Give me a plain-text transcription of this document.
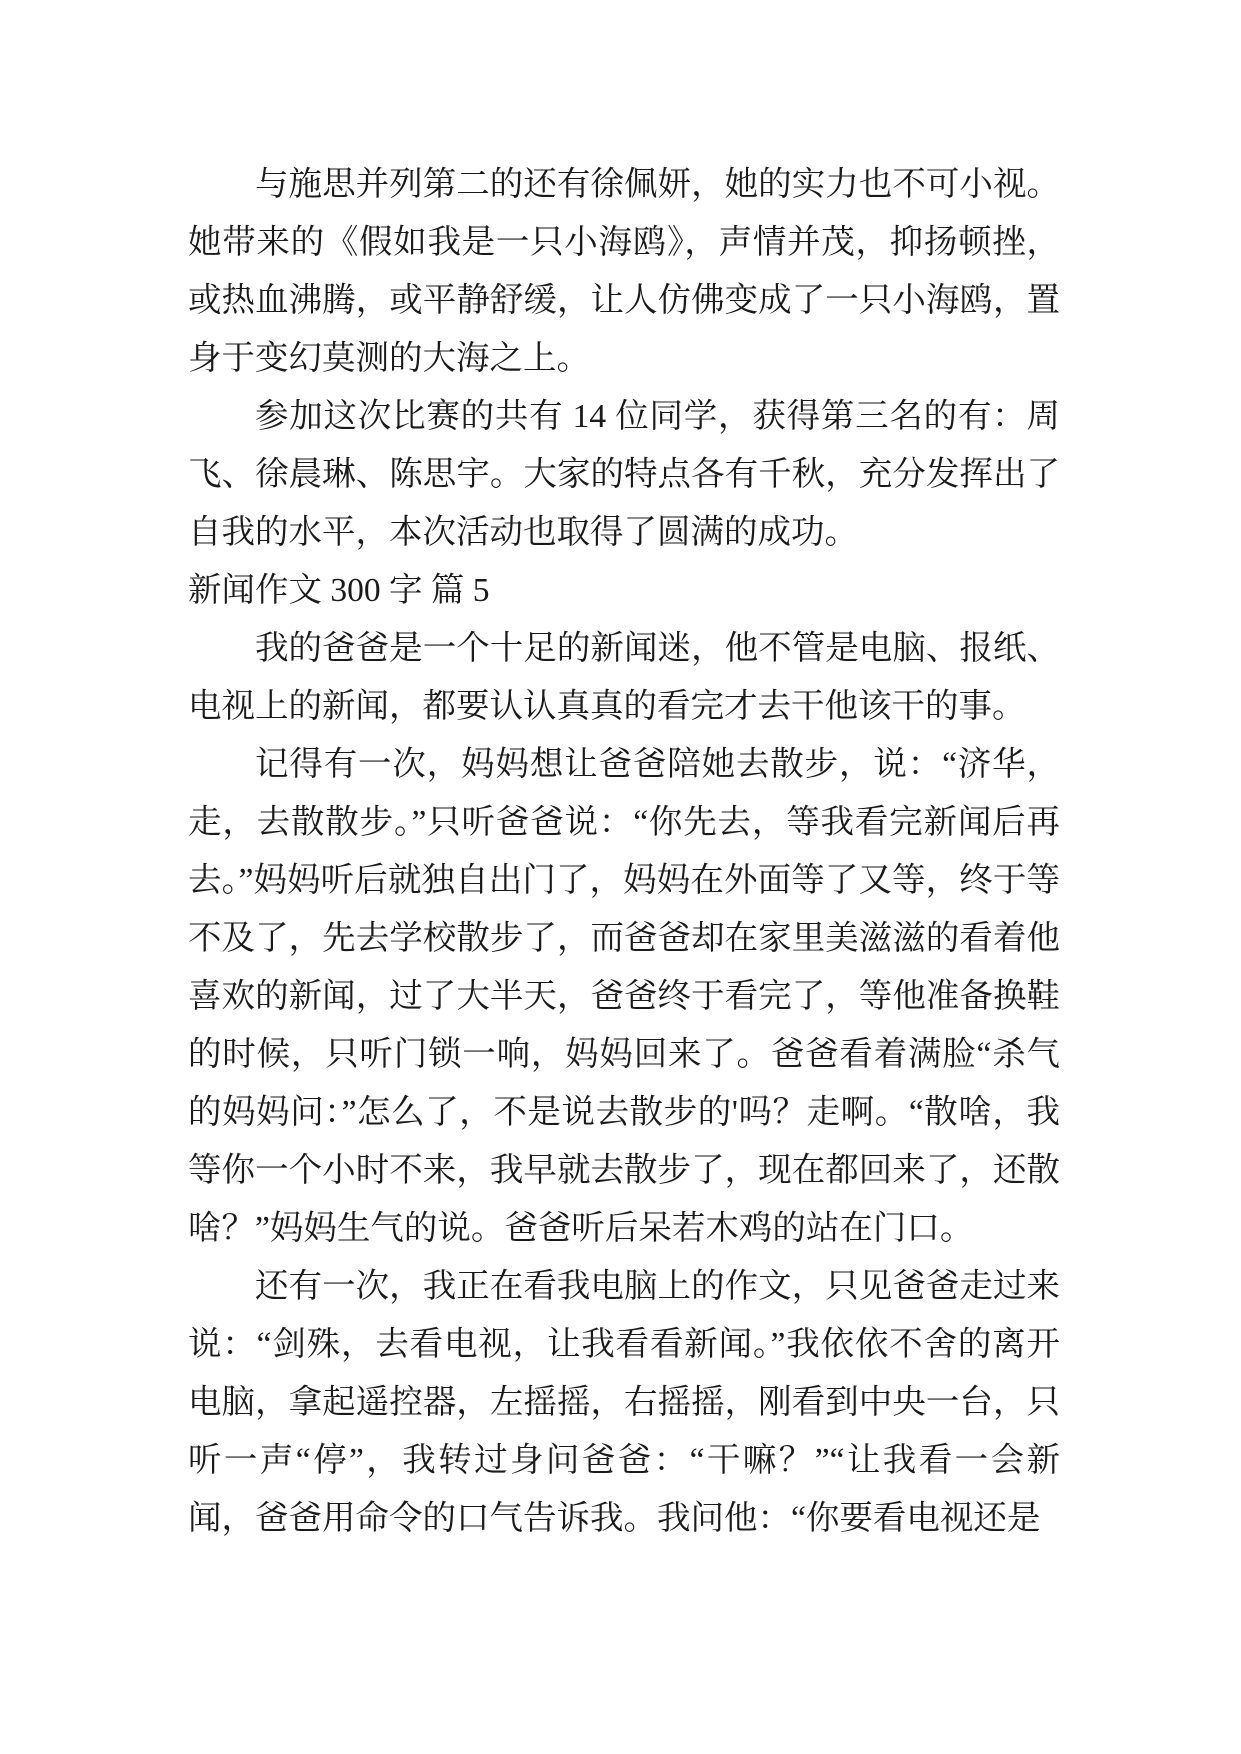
与施思并列第二的还有徐佩妍，她的实力也不可小视。她带来的《假如我是一只小海鸥》，声情并茂，抑扬顿挫，或热血沸腾，或平静舒缓，让人仿佛变成了一只小海鸥，置身于变幻莫测的大海之上。

参加这次比赛的共有 14 位同学，获得第三名的有：周飞、徐晨琳、陈思宇。大家的特点各有千秋，充分发挥出了自我的水平，本次活动也取得了圆满的成功。

新闻作文 300 字 篇 5

我的爸爸是一个十足的新闻迷，他不管是电脑、报纸、电视上的新闻，都要认认真真的看完才去干他该干的事。

记得有一次，妈妈想让爸爸陪她去散步，说：“济华，走，去散散步。”只听爸爸说：“你先去，等我看完新闻后再去。”妈妈听后就独自出门了，妈妈在外面等了又等，终于等不及了，先去学校散步了，而爸爸却在家里美滋滋的看着他喜欢的新闻，过了大半天，爸爸终于看完了，等他准备换鞋的时候，只听门锁一响，妈妈回来了。爸爸看着满脸“杀气的妈妈问：”怎么了，不是说去散步的'吗？走啊。“散啥，我等你一个小时不来，我早就去散步了，现在都回来了，还散啥？”妈妈生气的说。爸爸听后呆若木鸡的站在门口。

还有一次，我正在看我电脑上的作文，只见爸爸走过来说：“剑殊，去看电视，让我看看新闻。”我依依不舍的离开电脑，拿起遥控器，左摇摇，右摇摇，刚看到中央一台，只听一声“停”，我转过身问爸爸：“干嘛？”“让我看一会新闻，爸爸用命令的口气告诉我。我问他：“你要看电视还是
